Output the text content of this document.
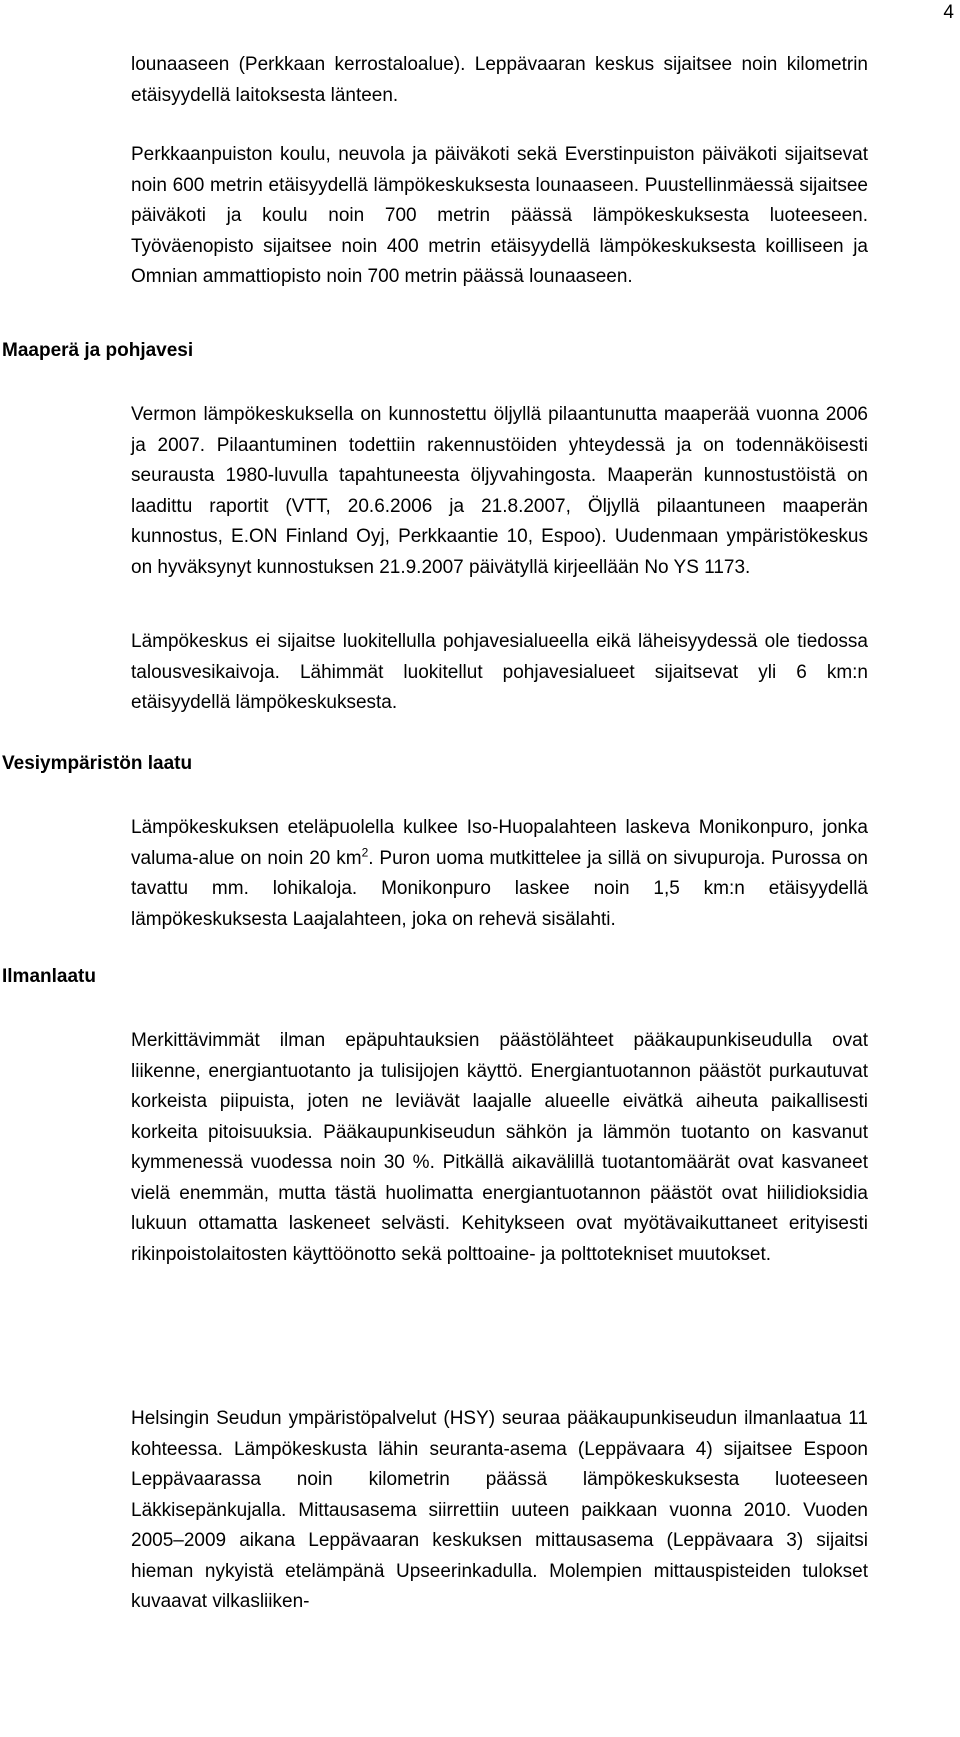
4

lounaaseen (Perkkaan kerrostaloalue). Leppävaaran keskus sijaitsee noin kilometrin etäisyydellä laitoksesta länteen.

Perkkaanpuiston koulu, neuvola ja päiväkoti sekä Everstinpuiston päiväkoti sijaitsevat noin 600 metrin etäisyydellä lämpökeskuksesta lounaaseen. Puustellinmäessä sijaitsee päiväkoti ja koulu noin 700 metrin päässä lämpökeskuksesta luoteeseen. Työväenopisto sijaitsee noin 400 metrin etäisyydellä lämpökeskuksesta koilliseen ja Omnian ammattiopisto noin 700 metrin päässä lounaaseen.

Maaperä ja pohjavesi

Vermon lämpökeskuksella on kunnostettu öljyllä pilaantunutta maaperää vuonna 2006 ja 2007. Pilaantuminen todettiin rakennustöiden yhteydessä ja on todennäköisesti seurausta 1980-luvulla tapahtuneesta öljyvahingosta. Maaperän kunnostustöistä on laadittu raportit (VTT, 20.6.2006 ja 21.8.2007, Öljyllä pilaantuneen maaperän kunnostus, E.ON Finland Oyj, Perkkaantie 10, Espoo). Uudenmaan ympäristökeskus on hyväksynyt kunnostuksen 21.9.2007 päivätyllä kirjeellään No YS 1173.

Lämpökeskus ei sijaitse luokitellulla pohjavesialueella eikä läheisyydessä ole tiedossa talousvesikaivoja. Lähimmät luokitellut pohjavesialueet sijaitsevat yli 6 km:n etäisyydellä lämpökeskuksesta.

Vesiympäristön laatu

Lämpökeskuksen eteläpuolella kulkee Iso-Huopalahteen laskeva Monikonpuro, jonka valuma-alue on noin 20 $km^2$. Puron uoma mutkittelee ja sillä on sivupuroja. Purossa on tavattu mm. lohikaloja. Monikonpuro laskee noin 1,5 km:n etäisyydellä lämpökeskuksesta Laajalahteen, joka on rehevä sisälahti.

Ilmanlaatu

Merkittävimmät ilman epäpuhtauksien päästölähteet pääkaupunkiseudulla ovat liikenne, energiantuotanto ja tulisijojen käyttö. Energiantuotannon päästöt purkautuvat korkeista piipuista, joten ne leviävät laajalle alueelle eivätkä aiheuta paikallisesti korkeita pitoisuuksia. Pääkaupunkiseudun sähkön ja lämmön tuotanto on kasvanut kymmenessä vuodessa noin 30 %. Pitkällä aikavälillä tuotantomäärät ovat kasvaneet vielä enemmän, mutta tästä huolimatta energiantuotannon päästöt ovat hiilidioksidia lukuun ottamatta laskeneet selvästi. Kehitykseen ovat myötävaikuttaneet erityisesti rikinpoistolaitosten käyttöönotto sekä polttoaine- ja polttotekniset muutokset.

Helsingin Seudun ympäristöpalvelut (HSY) seuraa pääkaupunkiseudun ilmanlaatua 11 kohteessa. Lämpökeskusta lähin seuranta-asema (Leppävaara 4) sijaitsee Espoon Leppävaarassa noin kilometrin päässä lämpökeskuksesta luoteeseen Läkkisepänkujalla. Mittausasema siirrettiin uuteen paikkaan vuonna 2010. Vuoden 2005–2009 aikana Leppävaaran keskuksen mittausasema (Leppävaara 3) sijaitsi hieman nykyistä etelämpänä Upseerinkadulla. Molempien mittauspisteiden tulokset kuvaavat vilkasliiken-
